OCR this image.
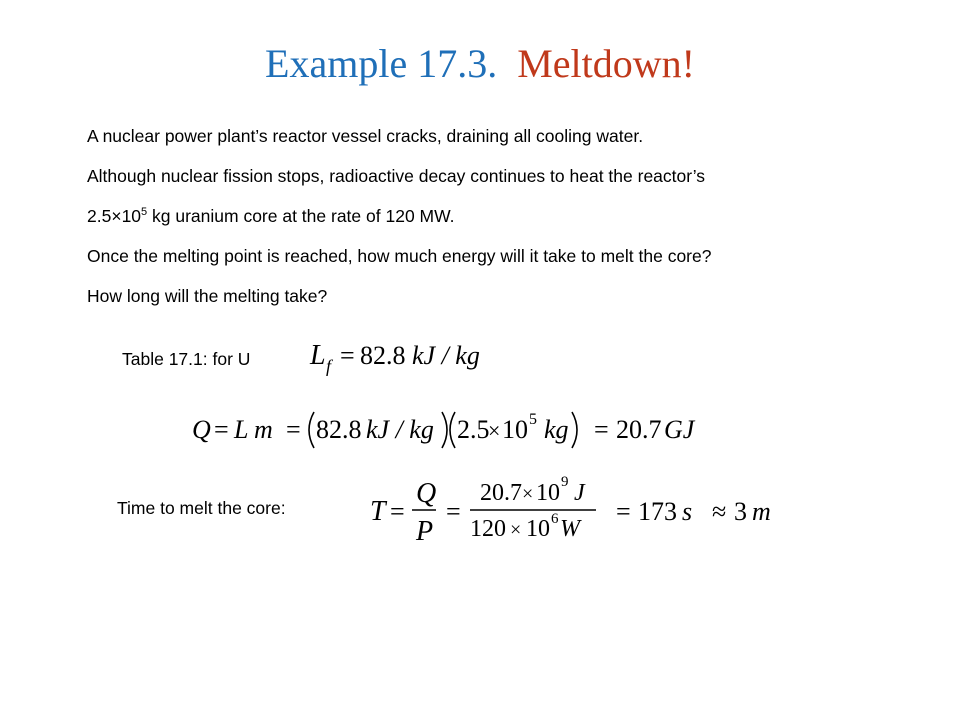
Example 17.3. Meltdown!
A nuclear power plant’s reactor vessel cracks, draining all cooling water.
Although nuclear fission stops, radioactive decay continues to heat the reactor’s
$2.5\times 10^5$ kg uranium core at the rate of 120 MW.
Once the melting point is reached, how much energy will it take to melt the core?
How long will the melting take?
Table 17.1: for U L f = 82.8 kJ / kg
Q = L m = 82.8 kJ / kg 2.5
× 10 5 kg = 20.7 GJ
Time to melt the core:	T =
Q
P
=
20.7 × 10 9 J
120 × 10 6 W
= 173 s ≈ 3 m
